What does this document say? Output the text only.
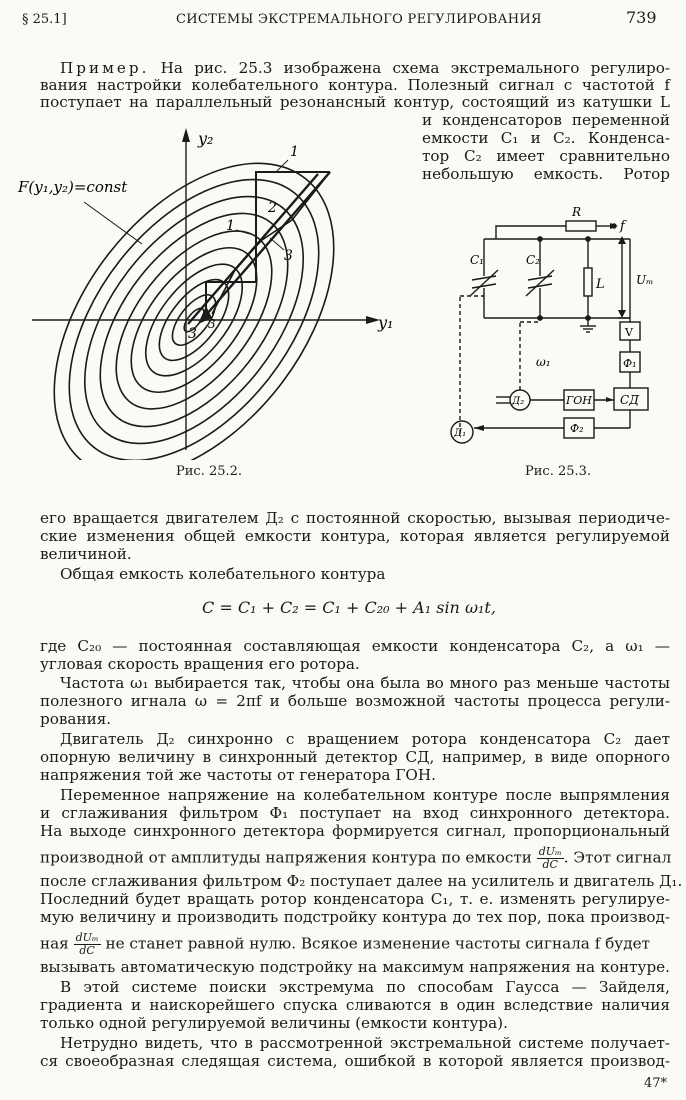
§ 25.1]	СИСТЕМЫ ЭКСТРЕМАЛЬНОГО РЕГУЛИРОВАНИЯ	739
Пример. На рис. 25.3 изображена схема экстремального регулиро-
вания настройки колебательного контура. Полезный сигнал с частотой f
поступает на параллельный резонансный контур, состоящий из катушки L
и конденсаторов переменной
емкости C₁ и C₂. Конденса-
тор C₂ имеет сравнительно
небольшую емкость. Ротор
F(y₁,y₂)=const
y₂
y₁
1
2
1
3
3
3
Рис. 25.2.
R
f
C₁	C₂
L	Uₘ
V
Ф₁
СД
ГОН
Д₂
ω₁
Ф₂
Д₁
Рис. 25.3.
его вращается двигателем Д₂ с постоянной скоростью, вызывая периодиче-
ские изменения общей емкости контура, которая является регулируемой
величиной.
Общая емкость колебательного контура
C = C₁ + C₂ = C₁ + C₂₀ + A₁ sin ω₁t,
где C₂₀ — постоянная составляющая емкости конденсатора C₂, а ω₁ —
угловая скорость вращения его ротора.
Частота ω₁ выбирается так, чтобы она была во много раз меньше частоты
полезного игнала ω = 2πf и больше возможной частоты процесса регули-
рования.
Двигатель Д₂ синхронно с вращением ротора конденсатора C₂ дает
опорную величину в синхронный детектор СД, например, в виде опорного
напряжения той же частоты от генератора ГОН.
Переменное напряжение на колебательном контуре после выпрямления
и сглаживания фильтром Ф₁ поступает на вход синхронного детектора.
На выходе синхронного детектора формируется сигнал, пропорциональный
производной от амплитуды напряжения контура по емкости $\frac{\text{dUₘ}}{dC}$ . Этот сигнал
после сглаживания фильтром Ф₂ поступает далее на усилитель и двигатель Д₁.
Последний будет вращать ротор конденсатора C₁, т. е. изменять регулируе-
мую величину и производить подстройку контура до тех пор, пока производ-
ная $\frac{\text{dUₘ}}{dC}$ не станет равной нулю. Всякое изменение частоты сигнала f будет
вызывать автоматическую подстройку на максимум напряжения на контуре.
В этой системе поиски экстремума по способам Гаусса — Зайделя,
градиента и наискорейшего спуска сливаются в один вследствие наличия
только одной регулируемой величины (емкости контура).
Нетрудно видеть, что в рассмотренной экстремальной системе получает-
ся своеобразная следящая система, ошибкой в которой является производ-
47*
